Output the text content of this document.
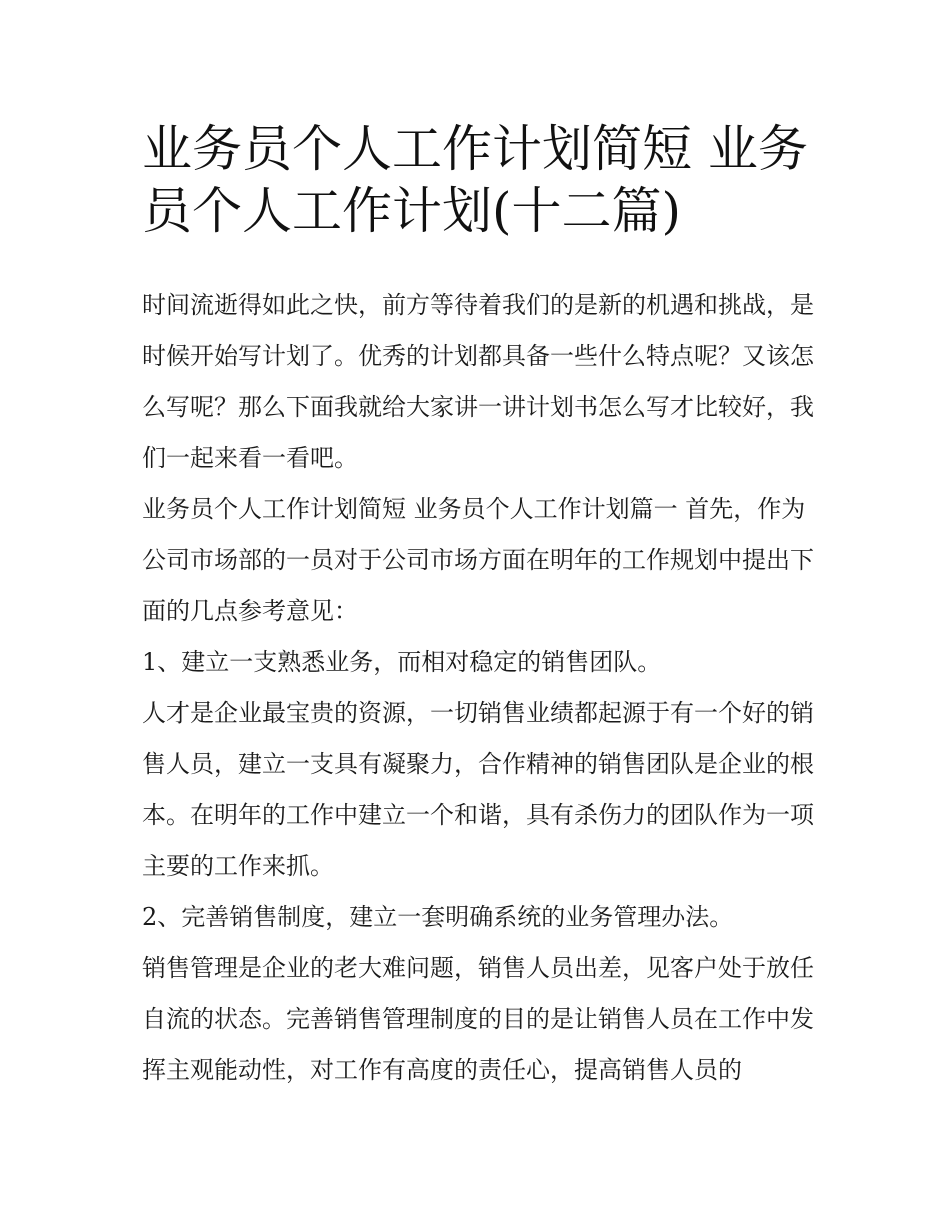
业务员个人工作计划简短 业务员个人工作计划(十二篇)

时间流逝得如此之快，前方等待着我们的是新的机遇和挑战，是时候开始写计划了。优秀的计划都具备一些什么特点呢？又该怎么写呢？那么下面我就给大家讲一讲计划书怎么写才比较好，我们一起来看一看吧。

业务员个人工作计划简短 业务员个人工作计划篇一 首先，作为公司市场部的一员对于公司市场方面在明年的工作规划中提出下面的几点参考意见：

1、建立一支熟悉业务，而相对稳定的销售团队。

人才是企业最宝贵的资源，一切销售业绩都起源于有一个好的销售人员，建立一支具有凝聚力，合作精神的销售团队是企业的根本。在明年的工作中建立一个和谐，具有杀伤力的团队作为一项主要的工作来抓。

2、完善销售制度，建立一套明确系统的业务管理办法。

销售管理是企业的老大难问题，销售人员出差，见客户处于放任自流的状态。完善销售管理制度的目的是让销售人员在工作中发挥主观能动性，对工作有高度的责任心，提高销售人员的
